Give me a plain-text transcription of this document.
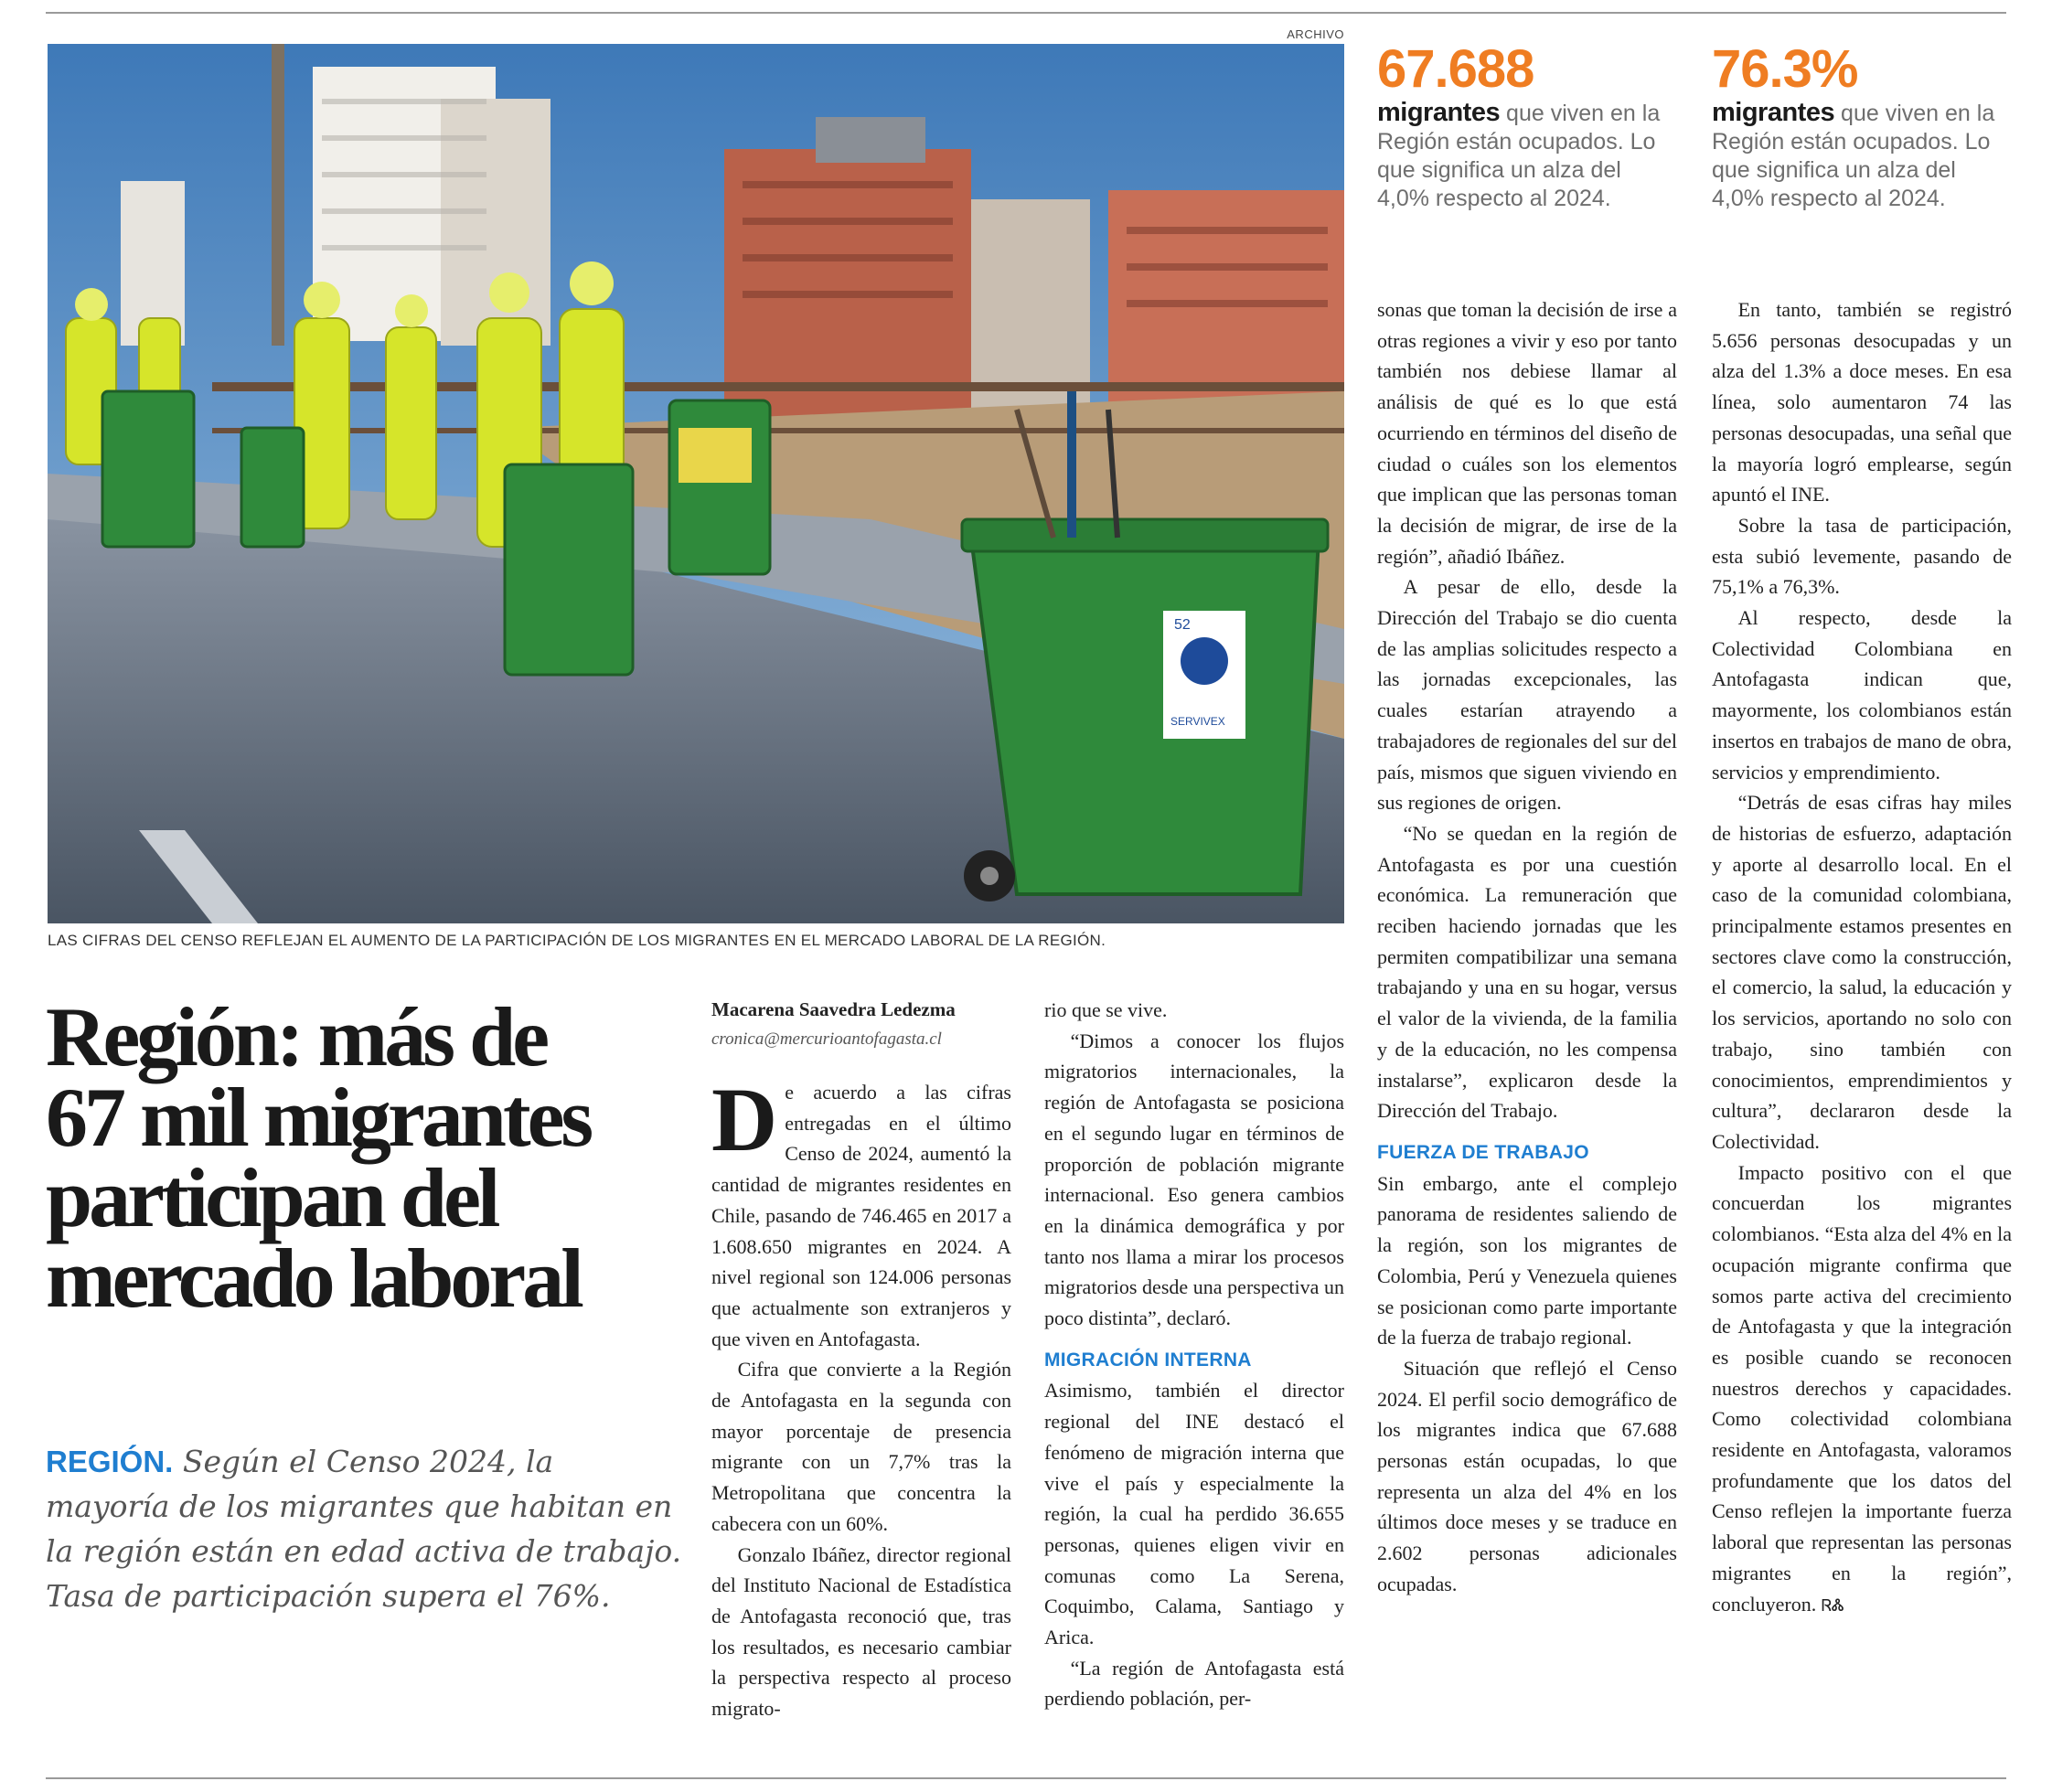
ARCHIVO
52
SERVIVEX
LAS CIFRAS DEL CENSO REFLEJAN EL AUMENTO DE LA PARTICIPACIÓN DE LOS MIGRANTES EN EL MERCADO LABORAL DE LA REGIÓN.
Región: más de
67 mil migrantes
participan del
mercado laboral
REGIÓN. Según el Censo 2024, la mayoría de los migrantes que habitan en la región están en edad activa de trabajo. Tasa de participación supera el 76%.
Macarena Saavedra Ledezma
cronica@mercurioantofagasta.cl

De acuerdo a las cifras entregadas en el último Censo de 2024, aumentó la cantidad de migrantes residentes en Chile, pasando de 746.465 en 2017 a 1.608.650 migrantes en 2024. A nivel regional son 124.006 personas que actualmente son extranjeros y que viven en Antofagasta.

Cifra que convierte a la Región de Antofagasta en la segunda con mayor porcentaje de presencia migrante con un 7,7% tras la Metropolitana que concentra la cabecera con un 60%.

Gonzalo Ibáñez, director regional del Instituto Nacional de Estadística de Antofagasta reconoció que, tras los resultados, es necesario cambiar la perspectiva respecto al proceso migrato-

rio que se vive.

“Dimos a conocer los flujos migratorios internacionales, la región de Antofagasta se posiciona en el segundo lugar en términos de proporción de población migrante internacional. Eso genera cambios en la dinámica demográfica y por tanto nos llama a mirar los procesos migratorios desde una perspectiva un poco distinta”, declaró.

MIGRACIÓN INTERNA

Asimismo, también el director regional del INE destacó el fenómeno de migración interna que vive el país y especialmente la región, la cual ha perdido 36.655 personas, quienes eligen vivir en comunas como La Serena, Coquimbo, Calama, Santiago y Arica.

“La región de Antofagasta está perdiendo población, per-

67.688
migrantes que viven en la Región están ocupados. Lo que significa un alza del 4,0% respecto al 2024.
76.3%
migrantes que viven en la Región están ocupados. Lo que significa un alza del 4,0% respecto al 2024.

sonas que toman la decisión de irse a otras regiones a vivir y eso por tanto también nos debiese llamar al análisis de qué es lo que está ocurriendo en términos del diseño de ciudad o cuáles son los elementos que implican que las personas toman la decisión de migrar, de irse de la región”, añadió Ibáñez.

A pesar de ello, desde la Dirección del Trabajo se dio cuenta de las amplias solicitudes respecto a las jornadas excepcionales, las cuales estarían atrayendo a trabajadores de regionales del sur del país, mismos que siguen viviendo en sus regiones de origen.

“No se quedan en la región de Antofagasta es por una cuestión económica. La remuneración que reciben haciendo jornadas que les permiten compatibilizar una semana trabajando y una en su hogar, versus el valor de la vivienda, de la familia y de la educación, no les compensa instalarse”, explicaron desde la Dirección del Trabajo.

FUERZA DE TRABAJO

Sin embargo, ante el complejo panorama de residentes saliendo de la región, son los migrantes de Colombia, Perú y Venezuela quienes se posicionan como parte importante de la fuerza de trabajo regional.

Situación que reflejó el Censo 2024. El perfil socio demográfico de los migrantes indica que 67.688 personas están ocupadas, lo que representa un alza del 4% en los últimos doce meses y se traduce en 2.602 personas adicionales ocupadas.

En tanto, también se registró 5.656 personas desocupadas y un alza del 1.3% a doce meses. En esa línea, solo aumentaron 74 las personas desocupadas, una señal que la mayoría logró emplearse, según apuntó el INE.

Sobre la tasa de participación, esta subió levemente, pasando de 75,1% a 76,3%.

Al respecto, desde la Colectividad Colombiana en Antofagasta indican que, mayormente, los colombianos están insertos en trabajos de mano de obra, servicios y emprendimiento.

“Detrás de esas cifras hay miles de historias de esfuerzo, adaptación y aporte al desarrollo local. En el caso de la comunidad colombiana, principalmente estamos presentes en sectores clave como la construcción, el comercio, la salud, la educación y los servicios, aportando no solo con trabajo, sino también con conocimientos, emprendimientos y cultura”, declararon desde la Colectividad.

Impacto positivo con el que concuerdan los migrantes colombianos. “Esta alza del 4% en la ocupación migrante confirma que somos parte activa del crecimiento de Antofagasta y que la integración es posible cuando se reconocen nuestros derechos y capacidades. Como colectividad colombiana residente en Antofagasta, valoramos profundamente que los datos del Censo reflejen la importante fuerza laboral que representan las personas migrantes en la región”, concluyeron. ᏒᏜ
